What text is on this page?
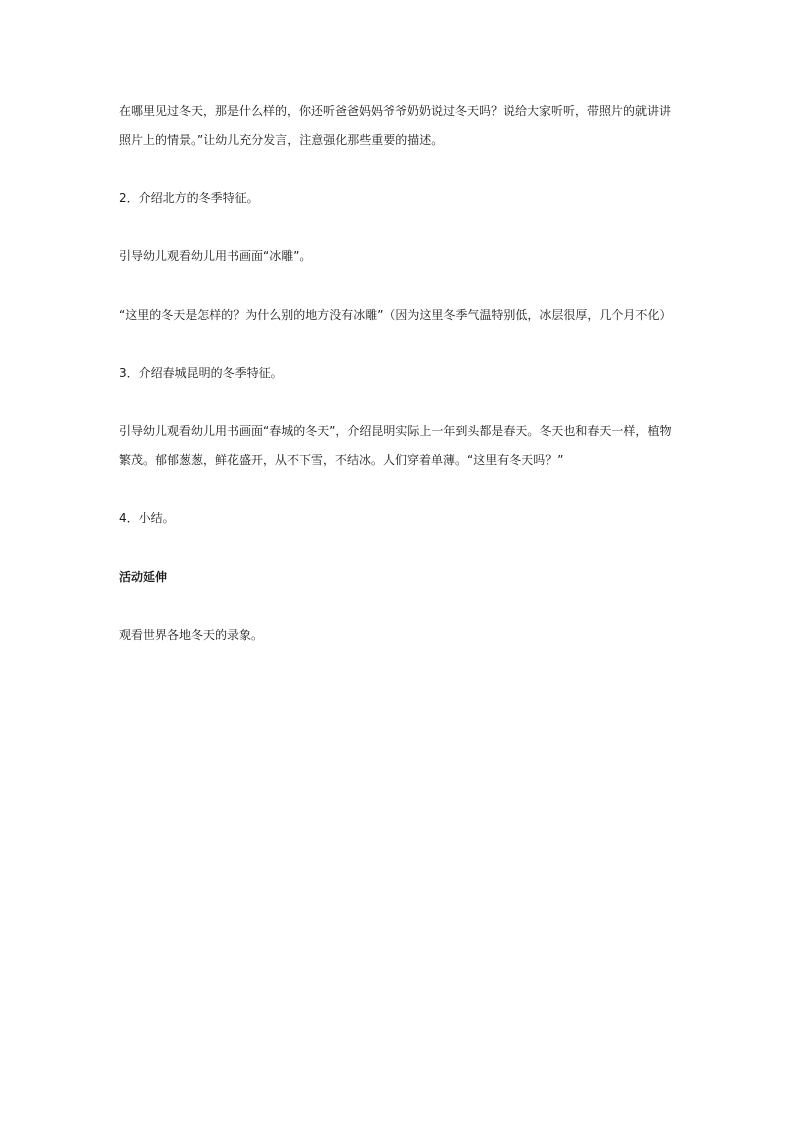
在哪里见过冬天，那是什么样的，你还听爸爸妈妈爷爷奶奶说过冬天吗？说给大家听听，带照片的就讲讲
照片上的情景。”让幼儿充分发言，注意强化那些重要的描述。
2．介绍北方的冬季特征。
引导幼儿观看幼儿用书画面“冰雕”。
“这里的冬天是怎样的？为什么别的地方没有冰雕”（因为这里冬季气温特别低，冰层很厚，几个月不化）
3．介绍春城昆明的冬季特征。
引导幼儿观看幼儿用书画面“春城的冬天”，介绍昆明实际上一年到头都是春天。冬天也和春天一样，植物
繁茂。郁郁葱葱，鲜花盛开，从不下雪，不结冰。人们穿着单薄。“这里有冬天吗？”
4．小结。
活动延伸
观看世界各地冬天的录象。
